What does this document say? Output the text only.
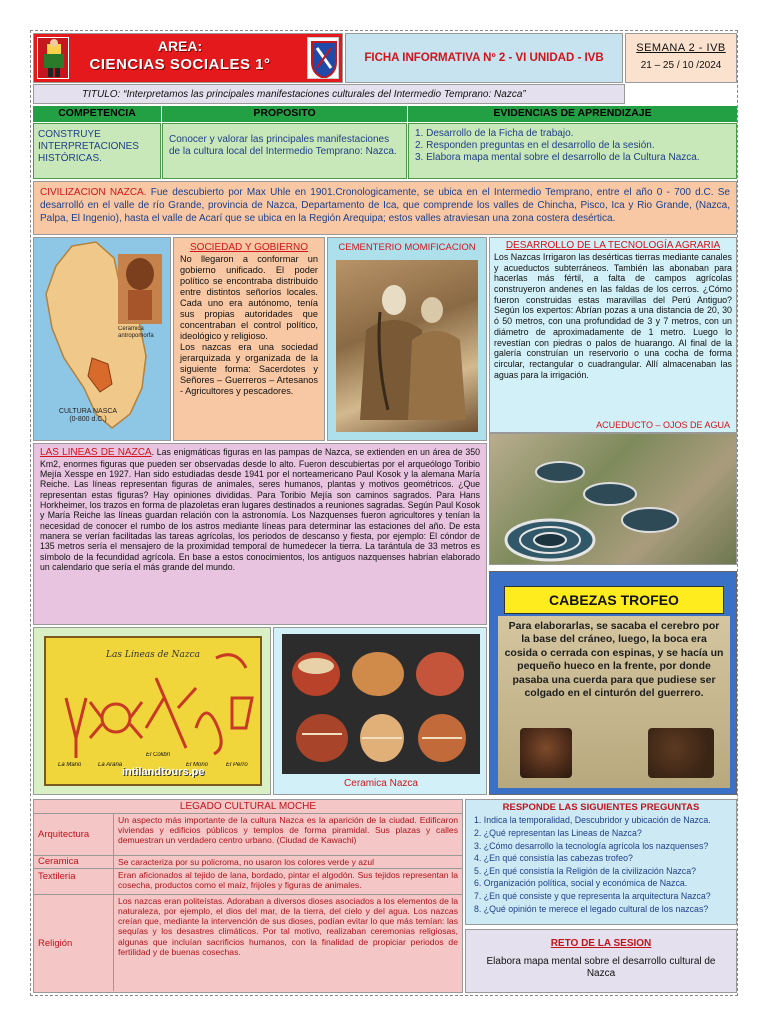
AREA:
CIENCIAS SOCIALES 1°	FICHA INFORMATIVA Nº 2 - VI UNIDAD - IVB
SEMANA 2 - IVB
21 – 25 / 10 /2024
TITULO: “Interpretamos las principales manifestaciones culturales del Intermedio Temprano: Nazca”
COMPETENCIA	PROPOSITO	EVIDENCIAS DE APRENDIZAJE

CONSTRUYE INTERPRETACIONES HISTÓRICAS.

Conocer y valorar las principales manifestaciones de la cultura local del Intermedio Temprano: Nazca.

1. Desarrollo de la Ficha de trabajo.

2. Responden preguntas en el desarrollo de la sesión.

3. Elabora mapa mental sobre el desarrollo de la Cultura Nazca.

CIVILIZACION NAZCA. Fue descubierto por Max Uhle en 1901.Cronologicamente, se ubica en el Intermedio Temprano, entre el año 0 - 700 d.C. Se desarrolló en el valle de río Grande, provincia de Nazca, Departamento de Ica, que comprende los valles de Chincha, Pisco, Ica y Rio Grande, (Nazca, Palpa, El Ingenio), hasta el valle de Acarí que se ubica en la Región Arequipa; estos valles atraviesan una zona costera desértica.

Cerámica antropomorfa
CULTURA NASCA
(0-800 d.C.)

SOCIEDAD Y GOBIERNO

No llegaron a conformar un gobierno unificado. El poder político se encontraba distribuido entre distintos señoríos locales. Cada uno era autónomo, tenía sus propias autoridades que concentraban el control político, ideológico y religioso.

Los nazcas era una sociedad jerarquizada y organizada de la siguiente forma: Sacerdotes y Señores – Guerreros – Artesanos - Agricultores y pescadores.

CEMENTERIO MOMIFICACION	DESARROLLO DE LA TECNOLOGÍA AGRARIA

Los Nazcas Irrigaron las desérticas tierras mediante canales y acueductos subterráneos. También las abonaban para hacerlas más fértil, a falta de campos agrícolas construyeron andenes en las faldas de los cerros. ¿Cómo fueron construidas estas maravillas del Perú Antiguo? Según los expertos: Abrían pozas a una distancia de 20, 30 ó 50 metros, con una profundidad de 3 y 7 metros, con un diámetro de aproximadamente de 1 metro. Luego lo revestían con piedras o palos de huarango. Al final de la galería construían un reservorio o una cocha de forma circular, rectangular o cuadrangular. Allí almacenaban las aguas para la irrigación.

ACUEDUCTO – OJOS DE AGUA

LAS LINEAS DE NAZCA. Las enigmáticas figuras en las pampas de Nazca, se extienden en un área de 350 Km2, enormes figuras que pueden ser observadas desde lo alto. Fueron descubiertas por el arqueólogo Toribio Mejía Xesspe en 1927. Han sido estudiadas desde 1941 por el norteamericano Paul Kosok y la alemana María Reiche. Las líneas representan figuras de animales, seres humanos, plantas y motivos geométricos. ¿Que representan estas figuras? Hay opiniones divididas. Para Toribio Mejía son caminos sagrados. Para Hans Horkheimer, los trazos en forma de plazoletas eran lugares destinados a reuniones sagradas. Según Paul Kosok y María Reiche las líneas guardan relación con la astronomía. Los Nazquenses fueron agricultores y tenían la necesidad de conocer el rumbo de los astros mediante líneas para determinar las estaciones del año. De esta manera se verían facilitadas las tareas agrícolas, los periodos de descanso y fiesta, por ejemplo: El cóndor de 135 metros sería el mensajero de la proximidad temporal de humedecer la tierra. La tarántula de 33 metros es símbolo de la fecundidad agrícola. En base a estos conocimientos, los antiguos nazquenses habrían elaborado un calendario que sería el más grande del mundo.

CABEZAS TROFEO

Para elaborarlas, se sacaba el cerebro por la base del cráneo, luego, la boca era cosida o cerrada con espinas, y se hacía un pequeño hueco en la frente, por donde pasaba una cuerda para que pudiese ser colgado en el cinturón del guerrero.

Las Líneas de Nazca
La Mano	La Araña
El Colibrí
El Mono	El Perro
intilandtours.pe
Ceramica Nazca
LEGADO CULTURAL MOCHE
Arquitectura
Un aspecto más importante de la cultura Nazca es la aparición de la ciudad. Edificaron viviendas y edificios públicos y templos de forma piramidal. Sus plazas y calles demuestran un verdadero centro urbano. (Ciudad de Kawachi)
Ceramica	Se caracteriza por su policroma, no usaron los colores verde y azul
Textileria	Eran aficionados al tejido de lana, bordado, pintar el algodón. Sus tejidos representan la cosecha, productos como el maíz, frijoles y figuras de animales.
Religión
Los nazcas eran politeístas. Adoraban a diversos dioses asociados a los elementos de la naturaleza, por ejemplo, el dios del mar, de la tierra, del cielo y del agua. Los nazcas creían que, mediante la intervención de sus dioses, podían evitar lo que más temían: las sequías y los desastres climáticos. Por tal motivo, realizaban ceremonias religiosas, algunas que incluían sacrificios humanos, con la finalidad de propiciar periodos de fertilidad y de buenas cosechas.

RESPONDE LAS SIGUIENTES PREGUNTAS

1. Indica la temporalidad, Descubridor y ubicación de Nazca.

2. ¿Qué representan las Lineas de Nazca?

3. ¿Cómo desarrollo la tecnología agrícola los nazquenses?

4. ¿En qué consistía las cabezas trofeo?

5. ¿En qué consistía la Religión de la civilización Nazca?

6. Organización política, social y económica de Nazca.

7. ¿En qué consiste y que representa la arquitectura Nazca?

8. ¿Qué opinión te merece el legado cultural de los nazcas?

RETO DE LA SESION

Elabora mapa mental sobre el desarrollo cultural de Nazca
